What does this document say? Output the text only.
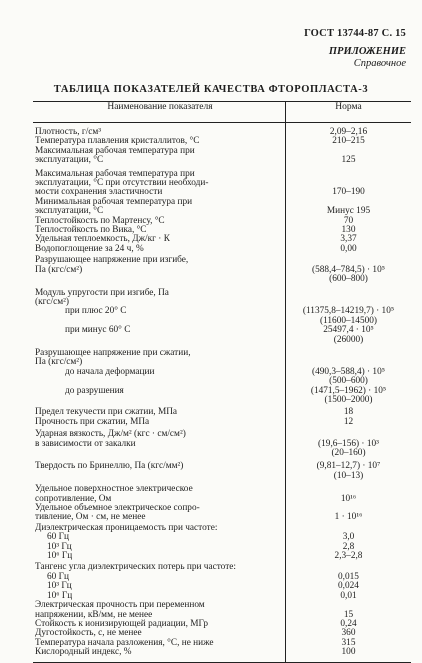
ГОСТ 13744-87 С. 15
ПРИЛОЖЕНИЕ
Справочное
ТАБЛИЦА ПОКАЗАТЕЛЕЙ КАЧЕСТВА ФТОРОПЛАСТА-3
Наименование показателя	Норма

Плотность, г/см³	2,09–2,16

Температура плавления кристаллитов, °С	210–215

Максимальная рабочая температура при
эксплуатации, °С	125

Максимальная рабочая температура при
эксплуатации, °С при отсутствии необходи-
мости сохранения эластичности	170–190

Минимальная рабочая температура при
эксплуатации, °С	Минус 195

Теплостойкость по Мартенсу, °С	70

Теплостойкость по Вика, °С	130

Удельная теплоемкость, Дж/кг · К	3,37

Водопоглощение за 24 ч, %	0,00

Разрушающее напряжение при изгибе,
Па (кгс/см²)	(588,4–784,5) · 10⁵
(600–800)

Модуль упругости при изгибе, Па
(кгс/см²)	

при плюс 20° С	(11375,8–14219,7) · 10⁵
(11600–14500)

при минус 60° С	25497,4 · 10⁵
(26000)

Разрушающее напряжение при сжатии,
Па (кгс/см²)	

до начала деформации	(490,3–588,4) · 10⁵
(500–600)

до разрушения	(1471,5–1962) · 10⁵
(1500–2000)

Предел текучести при сжатии, МПа	18

Прочность при сжатии, МПа	12

Ударная вязкость, Дж/м² (кгс · см/см²)
в зависимости от закалки	(19,6–156) · 10³
(20–160)

Твердость по Бринеллю, Па (кгс/мм²)	(9,81–12,7) · 10⁷
(10–13)

Удельное поверхностное электрическое
сопротивление, Ом	10¹⁶

Удельное объемное электрическое сопро-
тивление, Ом · см, не менее	1 · 10¹⁶

Диэлектрическая проницаемость при частоте:	

60 Гц	3,0

10³ Гц	2,8

10⁶ Гц	2,3–2,8

Тангенс угла диэлектрических потерь при частоте:	

60 Гц	0,015

10³ Гц	0,024

10⁶ Гц	0,01

Электрическая прочность при переменном
напряжении, кВ/мм, не менее	15

Стойкость к ионизирующей радиации, МГр	0,24

Дугостойкость, с, не менее	360

Температура начала разложения, °С, не ниже	315

Кислородный индекс, %	100
